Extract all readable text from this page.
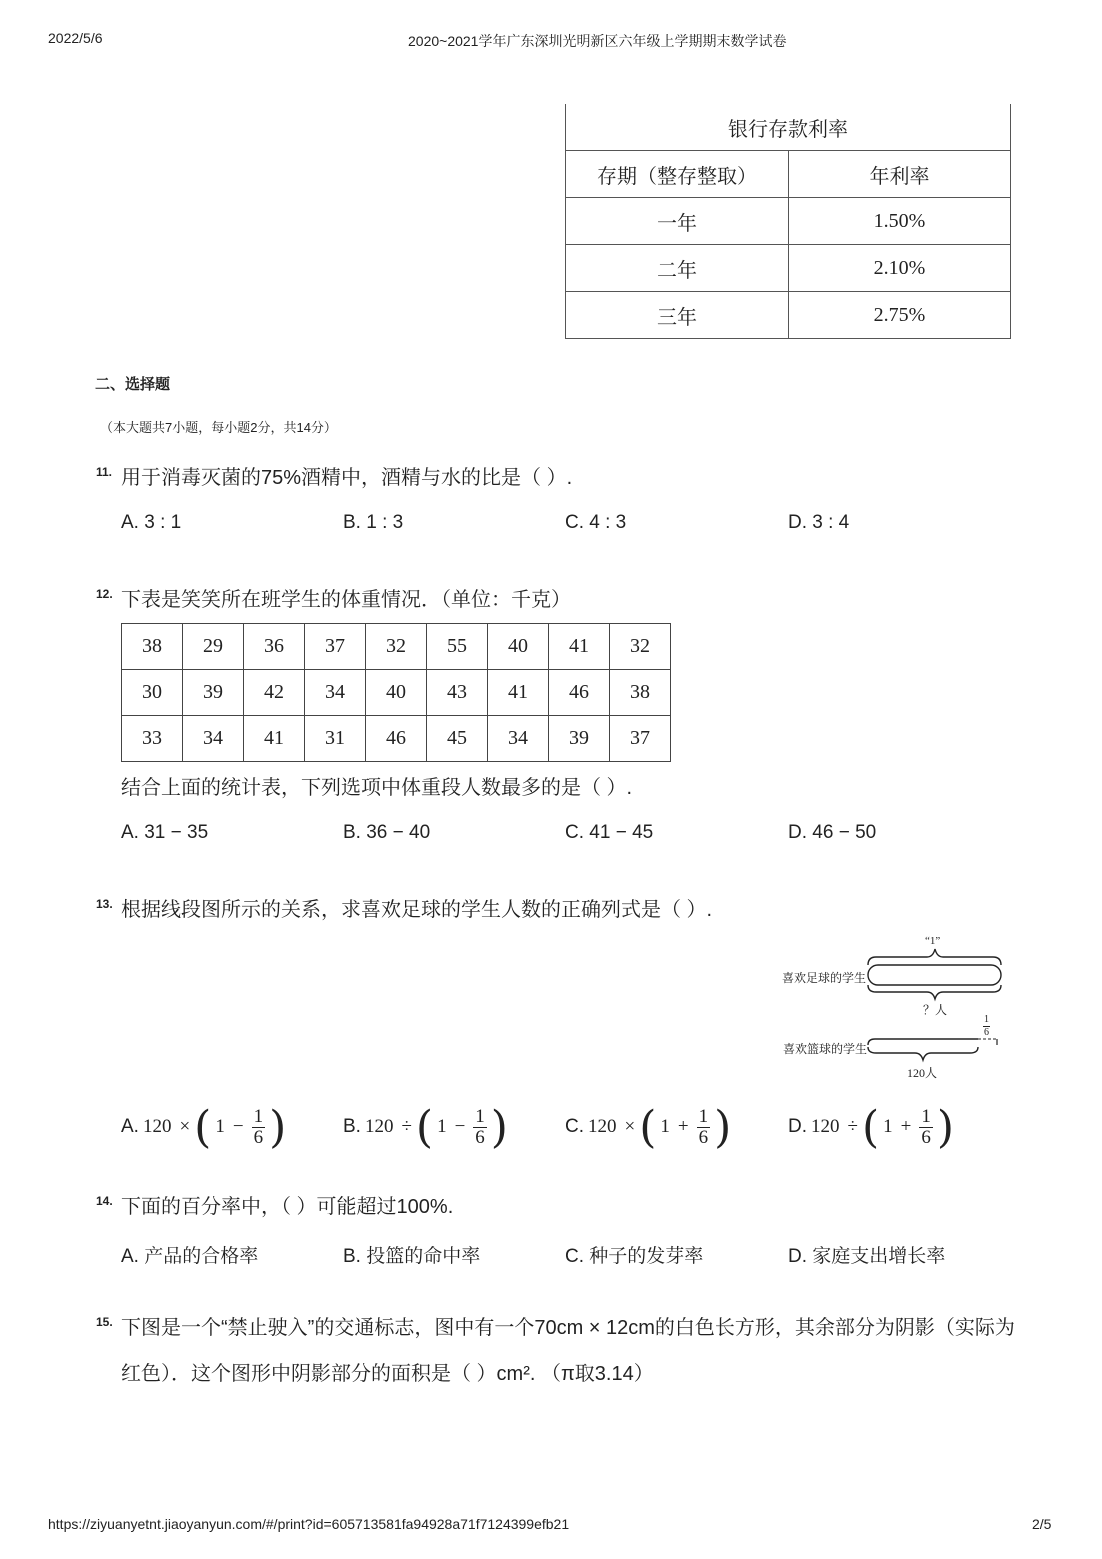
2022/5/6	2020~2021学年广东深圳光明新区六年级上学期期末数学试卷
银行存款利率	
存期（整存整取）	年利率
一年	1.50%
二年	2.10%
三年	2.75%
二、选择题
（本大题共7小题，每小题2分，共14分）
11. 用于消毒灭菌的75%酒精中，酒精与水的比是（ ）.
A. 3 : 1	B. 1 : 3	C. 4 : 3	D. 3 : 4
12. 下表是笑笑所在班学生的体重情况．（单位：千克）
38	29	36	37	32	55	40	41	32
30	39	42	34	40	43	41	46	38
33	34	41	31	46	45	34	39	37
结合上面的统计表，下列选项中体重段人数最多的是（ ）.
A. 31 − 35	B. 36 − 40	C. 41 − 45	D. 46 − 50
13. 根据线段图所示的关系，求喜欢足球的学生人数的正确列式是（ ）.
“1”
喜欢足球的学生
？人
喜欢篮球的学生
120人
$\frac{1}{6}$
A. 120 × ( $1 - \frac{1}{6}$ )	B. 120 ÷ ( $1 - \frac{1}{6}$ )	C. 120 × ( $1 + \frac{1}{6}$ )	D. 120 ÷ ( $1 + \frac{1}{6}$ )
14. 下面的百分率中，（ ）可能超过100%.
A. 产品的合格率	B. 投篮的命中率	C. 种子的发芽率	D. 家庭支出增长率
15. 下图是一个“禁止驶入”的交通标志，图中有一个70cm × 12cm的白色长方形，其余部分为阴影（实际为
红色）．这个图形中阴影部分的面积是（ ）cm². （π取3.14）
https://ziyuanyetnt.jiaoyanyun.com/#/print?id=605713581fa94928a71f7124399efb21	2/5
